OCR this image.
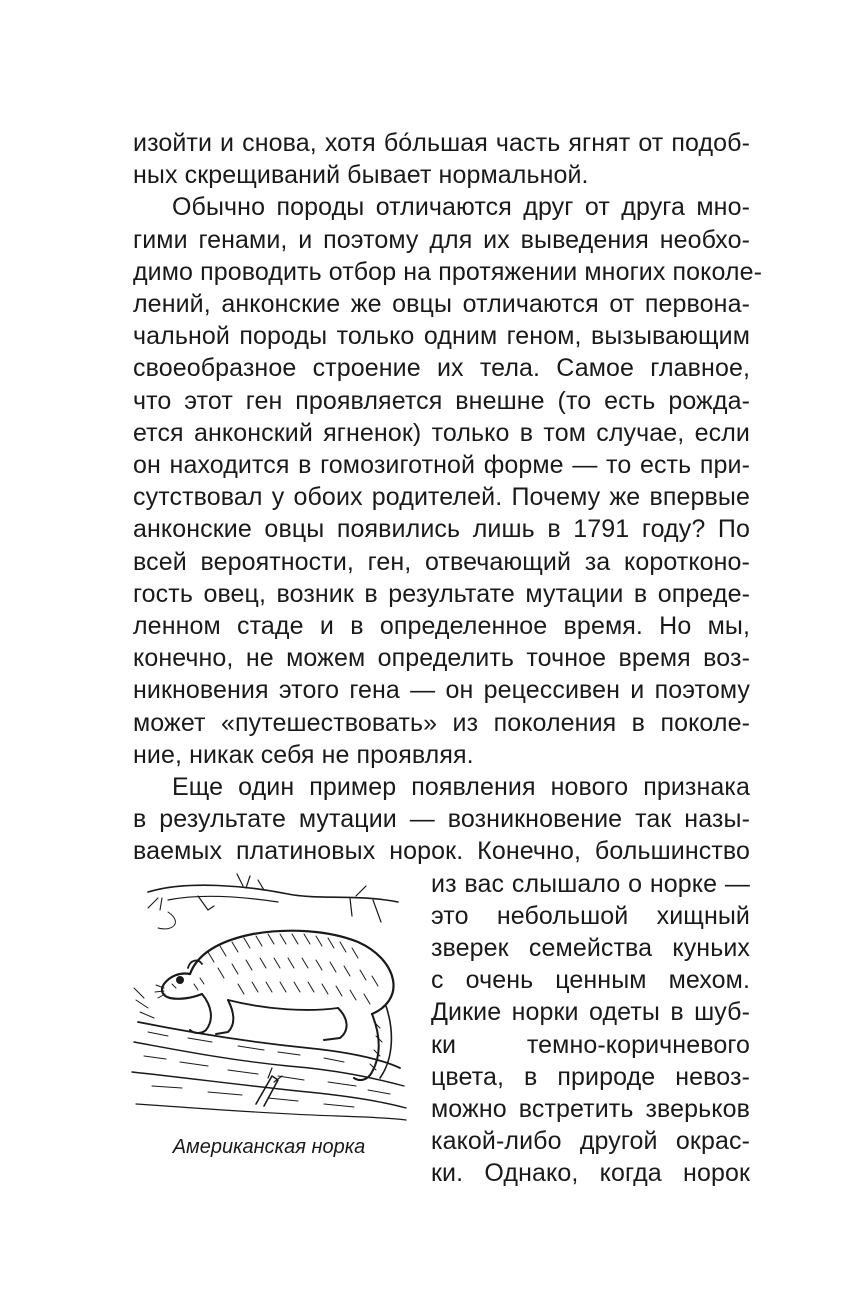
изойти и снова, хотя бо́льшая часть ягнят от подоб-
ных скрещиваний бывает нормальной.
Обычно породы отличаются друг от друга мно-
гими генами, и поэтому для их выведения необхо-
димо проводить отбор на протяжении многих поколе-
лений, анконские же овцы отличаются от первона-
чальной породы только одним геном, вызывающим
своеобразное строение их тела. Самое главное,
что этот ген проявляется внешне (то есть рожда-
ется анконский ягненок) только в том случае, если
он находится в гомозиготной форме — то есть при-
сутствовал у обоих родителей. Почему же впервые
анконские овцы появились лишь в 1791 году? По
всей вероятности, ген, отвечающий за коротконо-
гость овец, возник в результате мутации в опреде-
ленном стаде и в определенное время. Но мы,
конечно, не можем определить точное время воз-
никновения этого гена — он рецессивен и поэтому
может «путешествовать» из поколения в поколе-
ние, никак себя не проявляя.
Еще один пример появления нового признака
в результате мутации — возникновение так назы-
ваемых платиновых норок. Конечно, большинство
из вас слышало о норке —
это небольшой хищный
зверек семейства куньих
с очень ценным мехом.
Дикие норки одеты в шуб-
ки темно-коричневого
цвета, в природе невоз-
можно встретить зверьков
какой-либо другой окрас-
ки. Однако, когда норок
Американская норка
